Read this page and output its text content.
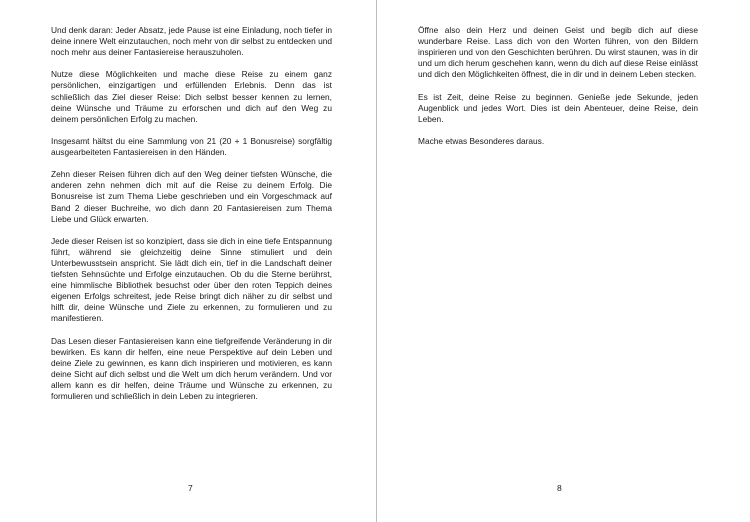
Und denk daran: Jeder Absatz, jede Pause ist eine Einladung, noch tiefer in deine innere Welt einzutauchen, noch mehr von dir selbst zu entdecken und noch mehr aus deiner Fantasiereise herauszuholen.

Nutze diese Möglichkeiten und mache diese Reise zu einem ganz persönlichen, einzigartigen und erfüllenden Erlebnis. Denn das ist schließlich das Ziel dieser Reise: Dich selbst besser kennen zu lernen, deine Wünsche und Träume zu erforschen und dich auf den Weg zu deinem persönlichen Erfolg zu machen.

Insgesamt hältst du eine Sammlung von 21 (20 + 1 Bonusreise) sorgfältig ausgearbeiteten Fantasiereisen in den Händen.

Zehn dieser Reisen führen dich auf den Weg deiner tiefsten Wünsche, die anderen zehn nehmen dich mit auf die Reise zu deinem Erfolg. Die Bonusreise ist zum Thema Liebe geschrieben und ein Vorgeschmack auf Band 2 dieser Buchreihe, wo dich dann 20 Fantasiereisen zum Thema Liebe und Glück erwarten.

Jede dieser Reisen ist so konzipiert, dass sie dich in eine tiefe Entspannung führt, während sie gleichzeitig deine Sinne stimuliert und dein Unterbewusstsein anspricht. Sie lädt dich ein, tief in die Landschaft deiner tiefsten Sehnsüchte und Erfolge einzutauchen. Ob du die Sterne berührst, eine himmlische Bibliothek besuchst oder über den roten Teppich deines eigenen Erfolgs schreitest, jede Reise bringt dich näher zu dir selbst und hilft dir, deine Wünsche und Ziele zu erkennen, zu formulieren und zu manifestieren.

Das Lesen dieser Fantasiereisen kann eine tiefgreifende Veränderung in dir bewirken. Es kann dir helfen, eine neue Perspektive auf dein Leben und deine Ziele zu gewinnen, es kann dich inspirieren und motivieren, es kann deine Sicht auf dich selbst und die Welt um dich herum verändern. Und vor allem kann es dir helfen, deine Träume und Wünsche zu erkennen, zu formulieren und schließlich in dein Leben zu integrieren.

7

Öffne also dein Herz und deinen Geist und begib dich auf diese wunderbare Reise. Lass dich von den Worten führen, von den Bildern inspirieren und von den Geschichten berühren. Du wirst staunen, was in dir und um dich herum geschehen kann, wenn du dich auf diese Reise einlässt und dich den Möglichkeiten öffnest, die in dir und in deinem Leben stecken.

Es ist Zeit, deine Reise zu beginnen. Genieße jede Sekunde, jeden Augenblick und jedes Wort. Dies ist dein Abenteuer, deine Reise, dein Leben.

Mache etwas Besonderes daraus.

8
